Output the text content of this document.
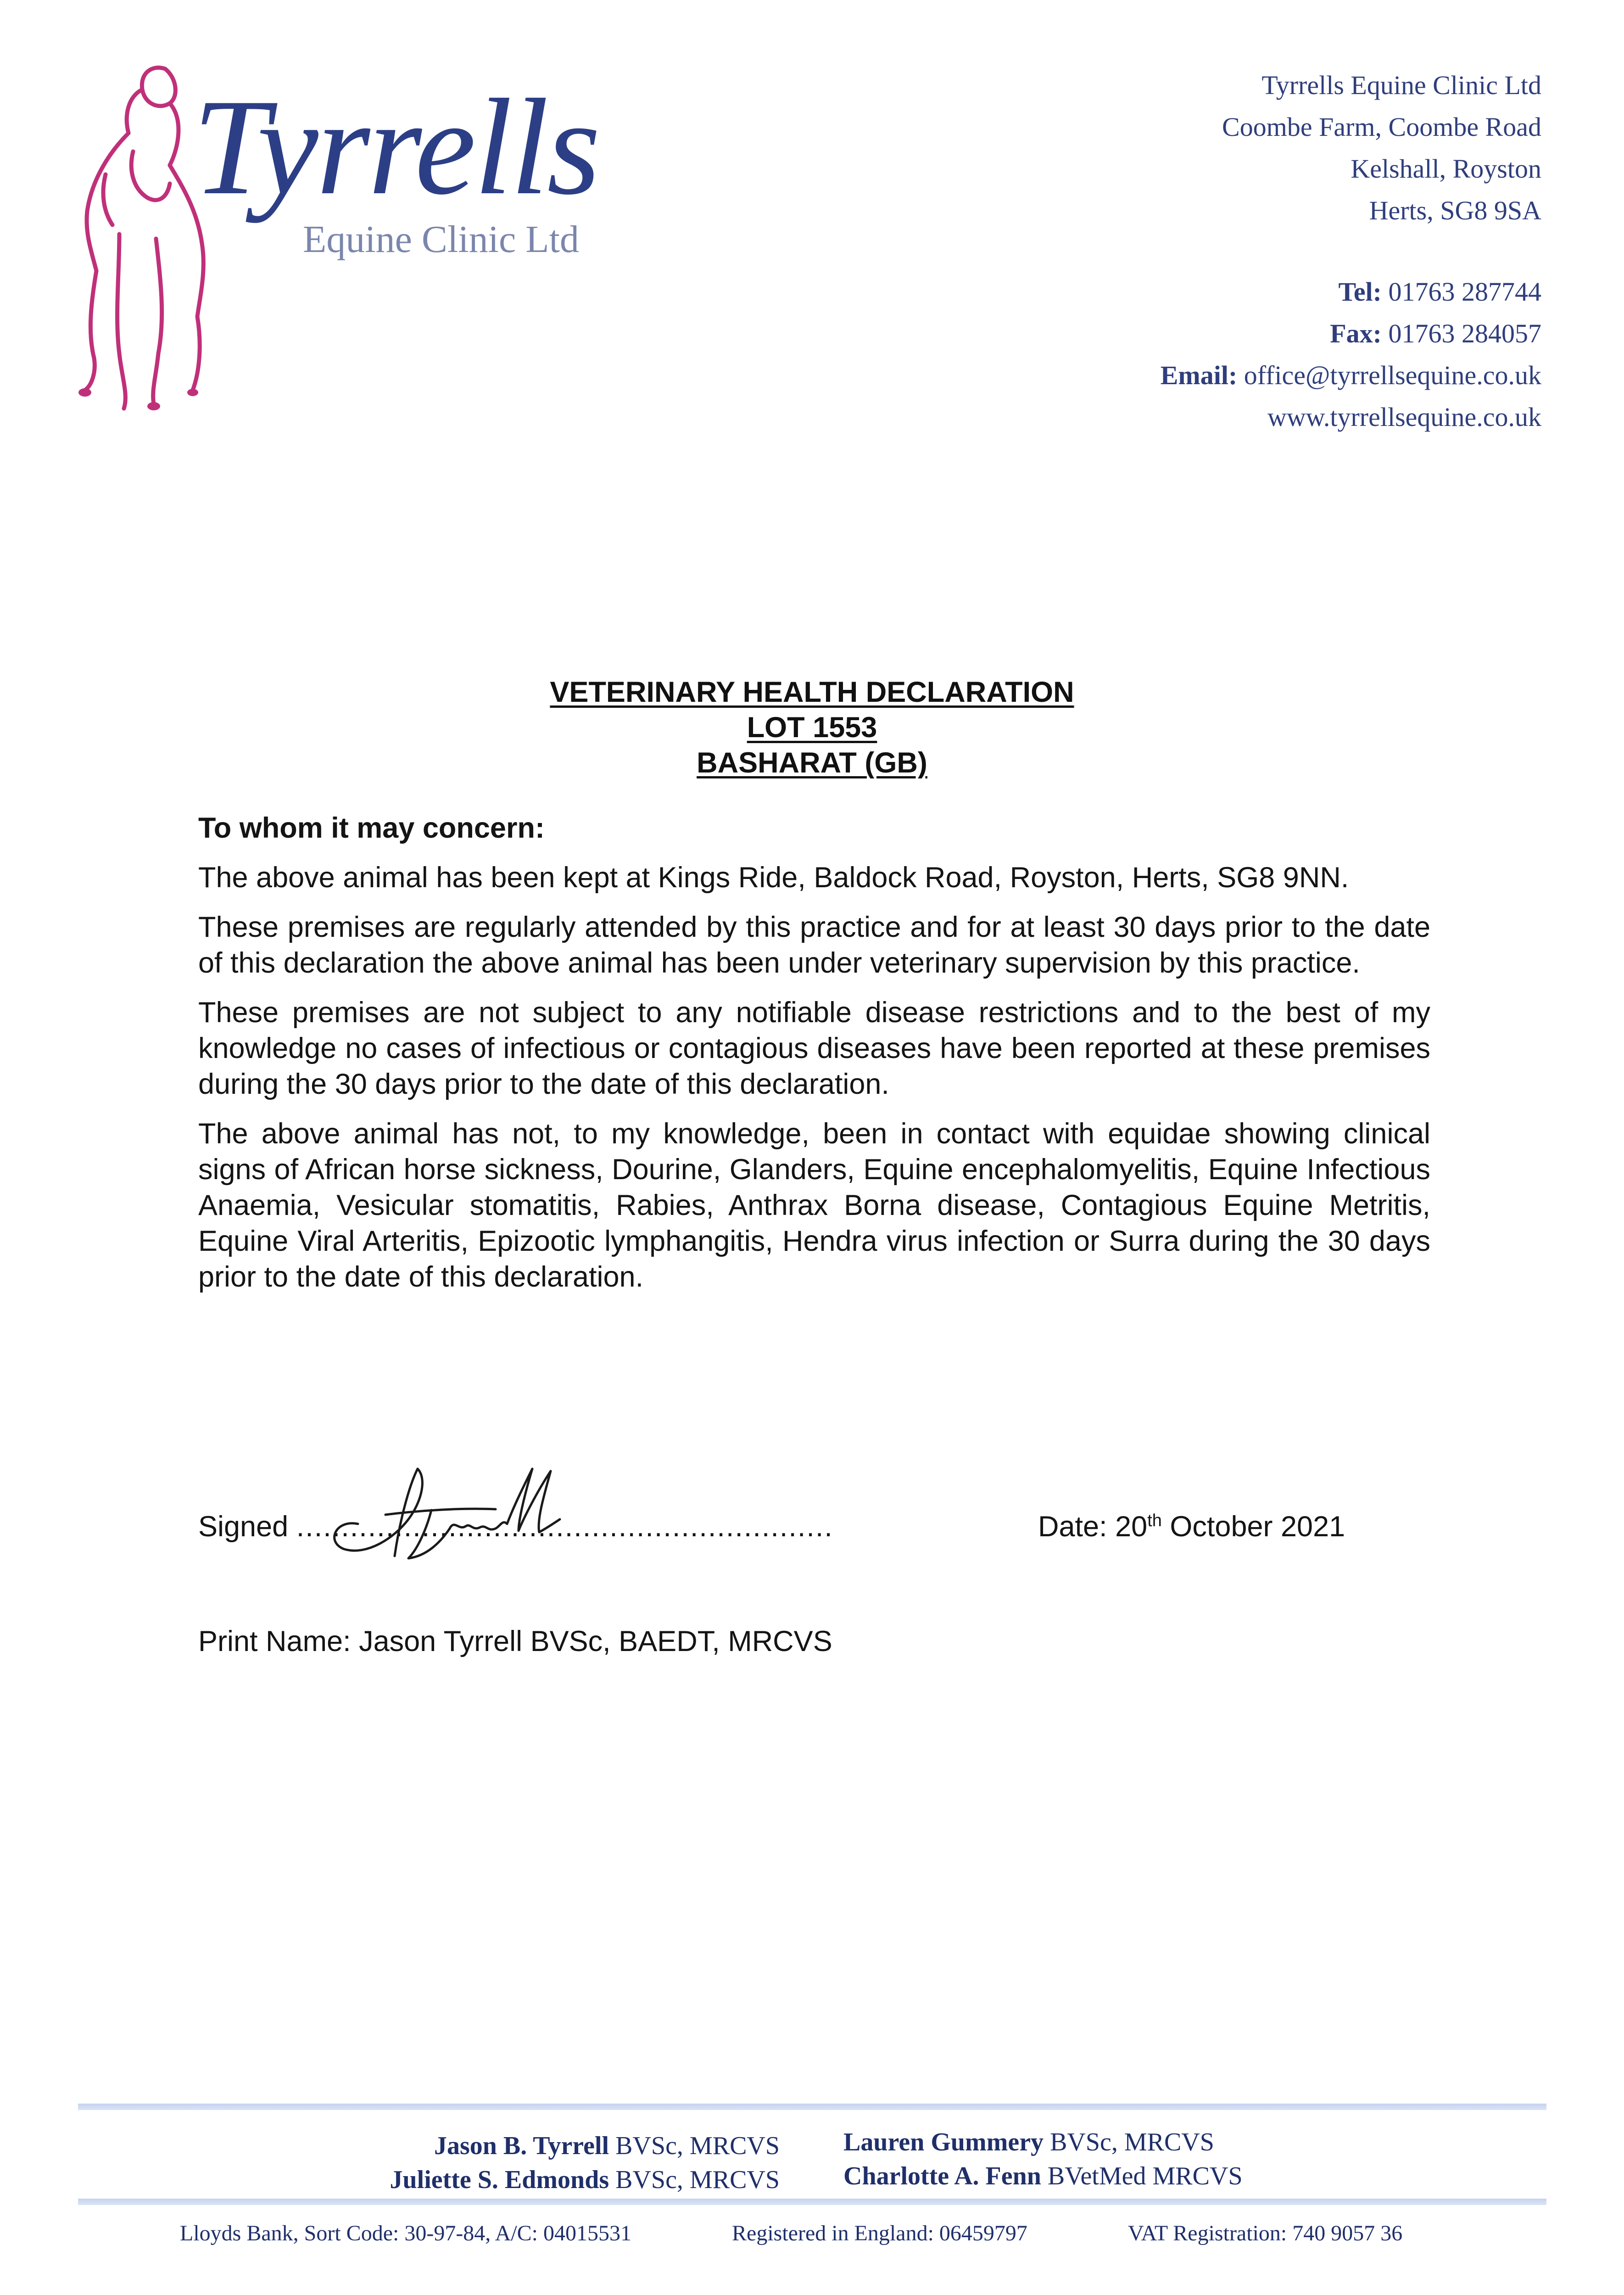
Tyrrells
Equine Clinic Ltd
Tyrrells Equine Clinic Ltd
Coombe Farm, Coombe Road
Kelshall, Royston
Herts, SG8 9SA
Tel: 01763 287744
Fax: 01763 284057
Email: office@tyrrellsequine.co.uk
www.tyrrellsequine.co.uk
VETERINARY HEALTH DECLARATION
LOT 1553
BASHARAT (GB)
To whom it may concern:

The above animal has been kept at Kings Ride, Baldock Road, Royston, Herts, SG8 9NN.

These premises are regularly attended by this practice and for at least 30 days prior to the date of this declaration the above animal has been under veterinary supervision by this practice.

These premises are not subject to any notifiable disease restrictions and to the best of my knowledge no cases of infectious or contagious diseases have been reported at these premises during the 30 days prior to the date of this declaration.

The above animal has not, to my knowledge, been in contact with equidae showing clinical signs of African horse sickness, Dourine, Glanders, Equine encephalomyelitis, Equine Infectious Anaemia, Vesicular stomatitis, Rabies, Anthrax Borna disease, Contagious Equine Metritis, Equine Viral Arteritis, Epizootic lymphangitis, Hendra virus infection or Surra during the 30 days prior to the date of this declaration.

Signed ............................................................	Date: 20th October 2021
Print Name: Jason Tyrrell BVSc, BAEDT, MRCVS
Jason B. Tyrrell BVSc, MRCVS
Juliette S. Edmonds BVSc, MRCVS
Lauren Gummery BVSc, MRCVS
Charlotte A. Fenn BVetMed MRCVS
Lloyds Bank, Sort Code: 30-97-84, A/C: 04015531	Registered in England: 06459797	VAT Registration: 740 9057 36
